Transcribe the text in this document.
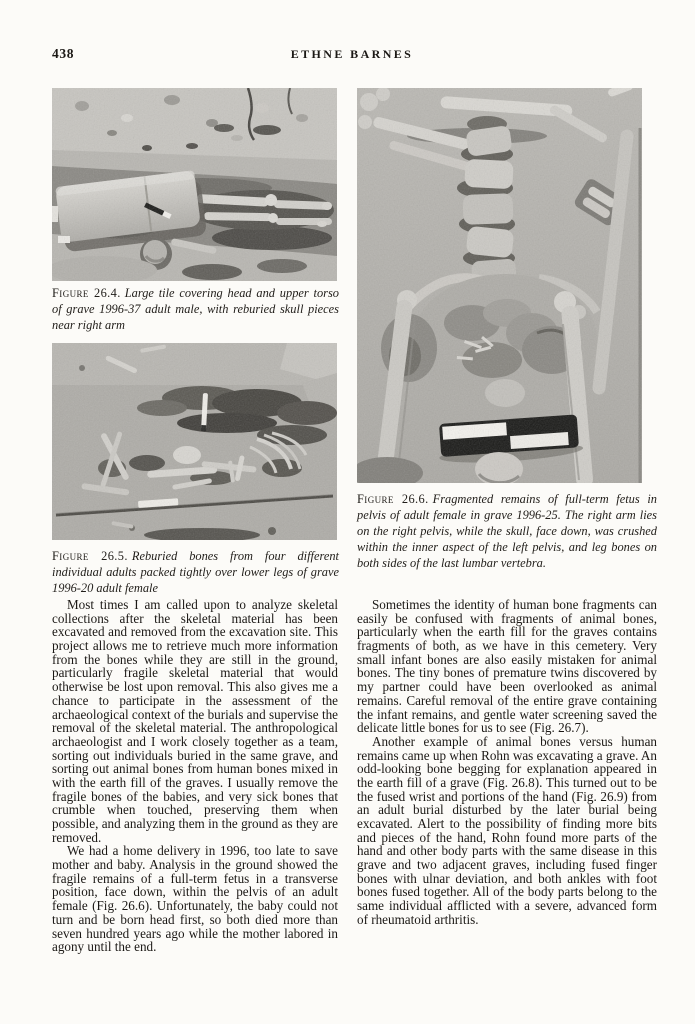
438	ETHNE BARNES
Figure 26.4. Large tile covering head and upper torso of grave 1996-37 adult male, with reburied skull pieces near right arm
Figure 26.5. Reburied bones from four different individual adults packed tightly over lower legs of grave 1996-20 adult female
Figure 26.6. Fragmented remains of full-term fetus in pelvis of adult female in grave 1996-25. The right arm lies on the right pelvis, while the skull, face down, was crushed within the inner aspect of the left pelvis, and leg bones on both sides of the last lumbar vertebra.

Most times I am called upon to analyze skeletal collections after the skeletal material has been excavated and removed from the excavation site. This project allows me to retrieve much more information from the bones while they are still in the ground, particularly fragile skeletal material that would otherwise be lost upon removal. This also gives me a chance to participate in the assessment of the archaeological context of the burials and supervise the removal of the skeletal material. The anthropological archaeologist and I work closely together as a team, sorting out individuals buried in the same grave, and sorting out animal bones from human bones mixed in with the earth fill of the graves. I usually remove the fragile bones of the babies, and very sick bones that crumble when touched, preserving them when possible, and analyzing them in the ground as they are removed.

We had a home delivery in 1996, too late to save mother and baby. Analysis in the ground showed the fragile remains of a full-term fetus in a transverse position, face down, within the pelvis of an adult female (Fig. 26.6). Unfortunately, the baby could not turn and be born head first, so both died more than seven hundred years ago while the mother labored in agony until the end.

Sometimes the identity of human bone fragments can easily be confused with fragments of animal bones, particularly when the earth fill for the graves contains fragments of both, as we have in this cemetery. Very small infant bones are also easily mistaken for animal bones. The tiny bones of premature twins discovered by my partner could have been overlooked as animal remains. Careful removal of the entire grave containing the infant remains, and gentle water screening saved the delicate little bones for us to see (Fig. 26.7).

Another example of animal bones versus human remains came up when Rohn was excavating a grave. An odd-looking bone begging for explanation appeared in the earth fill of a grave (Fig. 26.8). This turned out to be the fused wrist and portions of the hand (Fig. 26.9) from an adult burial disturbed by the later burial being excavated. Alert to the possibility of finding more bits and pieces of the hand, Rohn found more parts of the hand and other body parts with the same disease in this grave and two adjacent graves, including fused finger bones with ulnar deviation, and both ankles with foot bones fused together. All of the body parts belong to the same individual afflicted with a severe, advanced form of rheumatoid arthritis.
